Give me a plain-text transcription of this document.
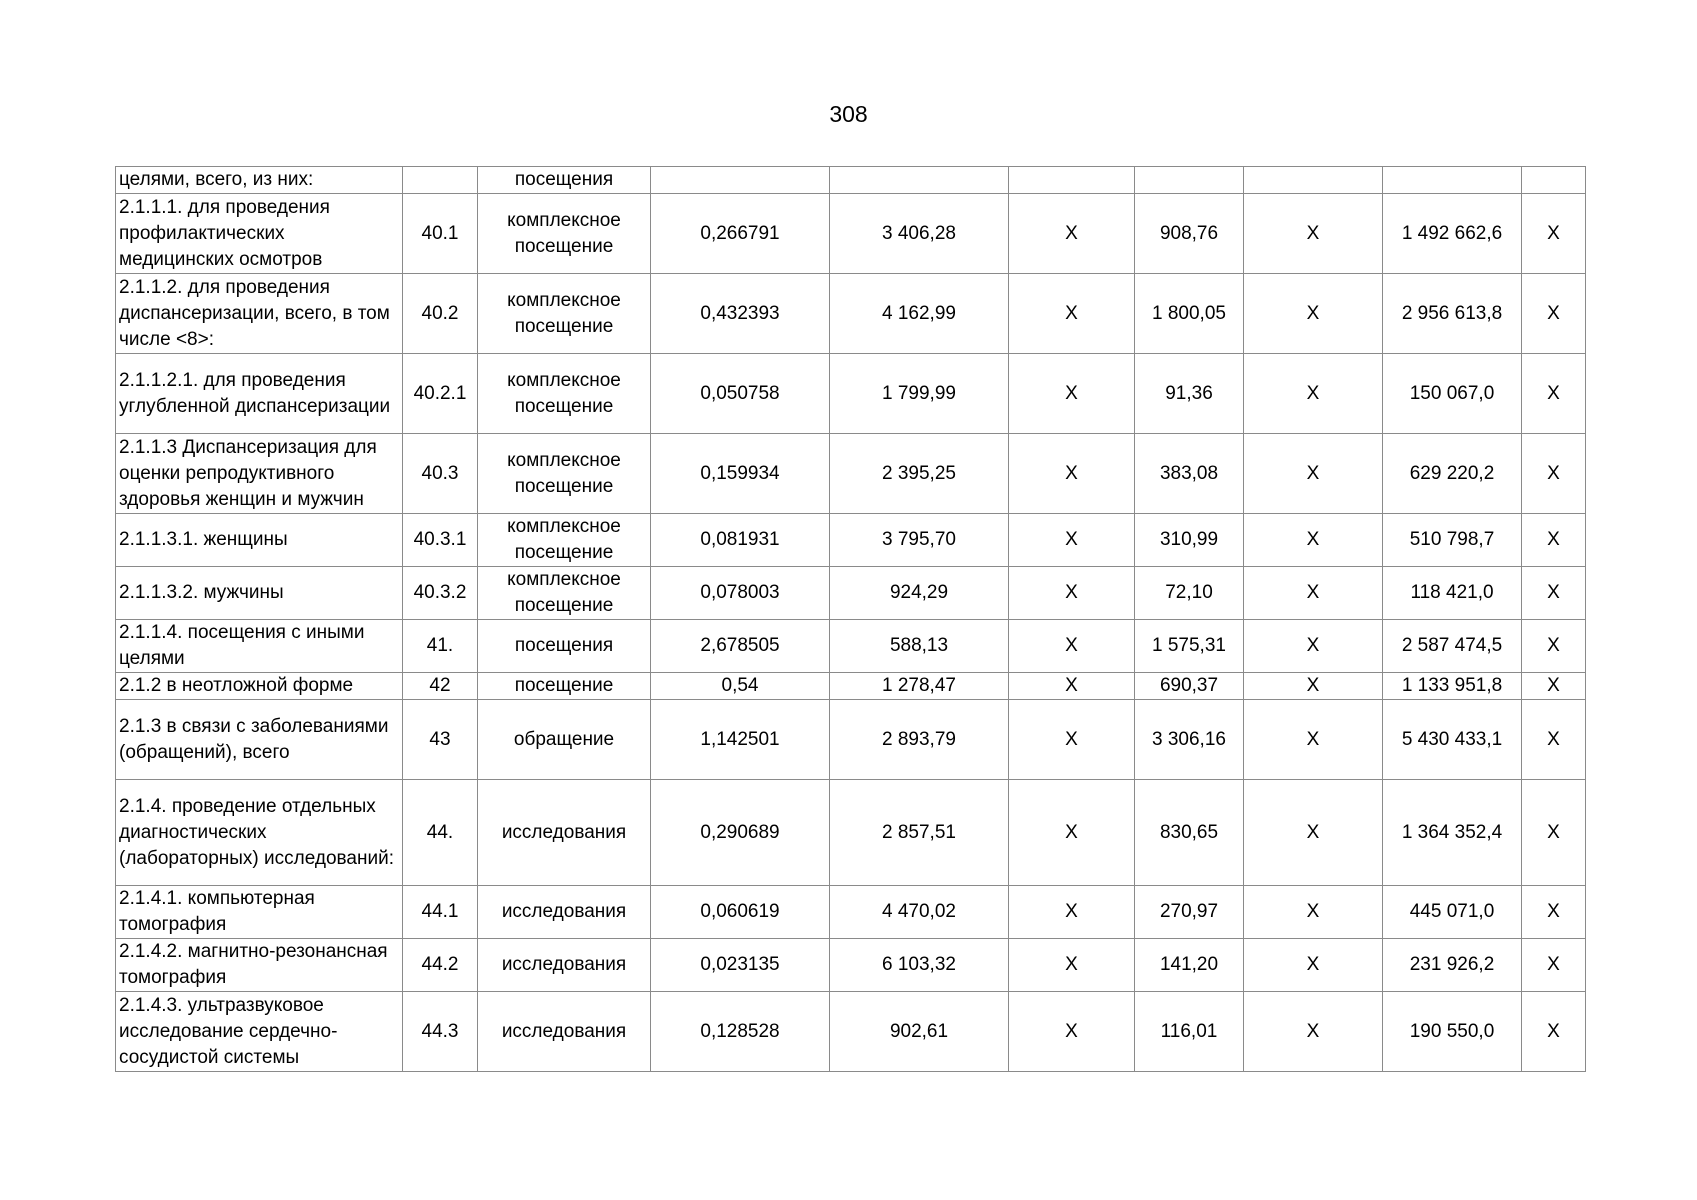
308
целями, всего, из них:		посещения							
2.1.1.1. для проведения профилактических медицинских осмотров	40.1	комплексное посещение	0,266791	3 406,28	Х	908,76	Х	1 492 662,6	Х
2.1.1.2. для проведения диспансеризации, всего, в том числе <8>:	40.2	комплексное посещение	0,432393	4 162,99	Х	1 800,05	Х	2 956 613,8	Х
2.1.1.2.1. для проведения углубленной диспансеризации	40.2.1	комплексное посещение	0,050758	1 799,99	Х	91,36	Х	150 067,0	Х
2.1.1.3 Диспансеризация для оценки репродуктивного здоровья женщин и мужчин	40.3	комплексное посещение	0,159934	2 395,25	Х	383,08	Х	629 220,2	Х
2.1.1.3.1. женщины	40.3.1	комплексное посещение	0,081931	3 795,70	Х	310,99	Х	510 798,7	Х
2.1.1.3.2. мужчины	40.3.2	комплексное посещение	0,078003	924,29	Х	72,10	Х	118 421,0	Х
2.1.1.4. посещения с иными целями	41.	посещения	2,678505	588,13	Х	1 575,31	Х	2 587 474,5	Х
2.1.2 в неотложной форме	42	посещение	0,54	1 278,47	Х	690,37	Х	1 133 951,8	Х
2.1.3 в связи с заболеваниями (обращений), всего	43	обращение	1,142501	2 893,79	Х	3 306,16	Х	5 430 433,1	Х
2.1.4. проведение отдельных диагностических (лабораторных) исследований:	44.	исследования	0,290689	2 857,51	Х	830,65	Х	1 364 352,4	Х
2.1.4.1. компьютерная томография	44.1	исследования	0,060619	4 470,02	Х	270,97	Х	445 071,0	Х
2.1.4.2. магнитно-резонансная томография	44.2	исследования	0,023135	6 103,32	Х	141,20	Х	231 926,2	Х
2.1.4.3. ультразвуковое исследование сердечно-сосудистой системы	44.3	исследования	0,128528	902,61	Х	116,01	Х	190 550,0	Х
